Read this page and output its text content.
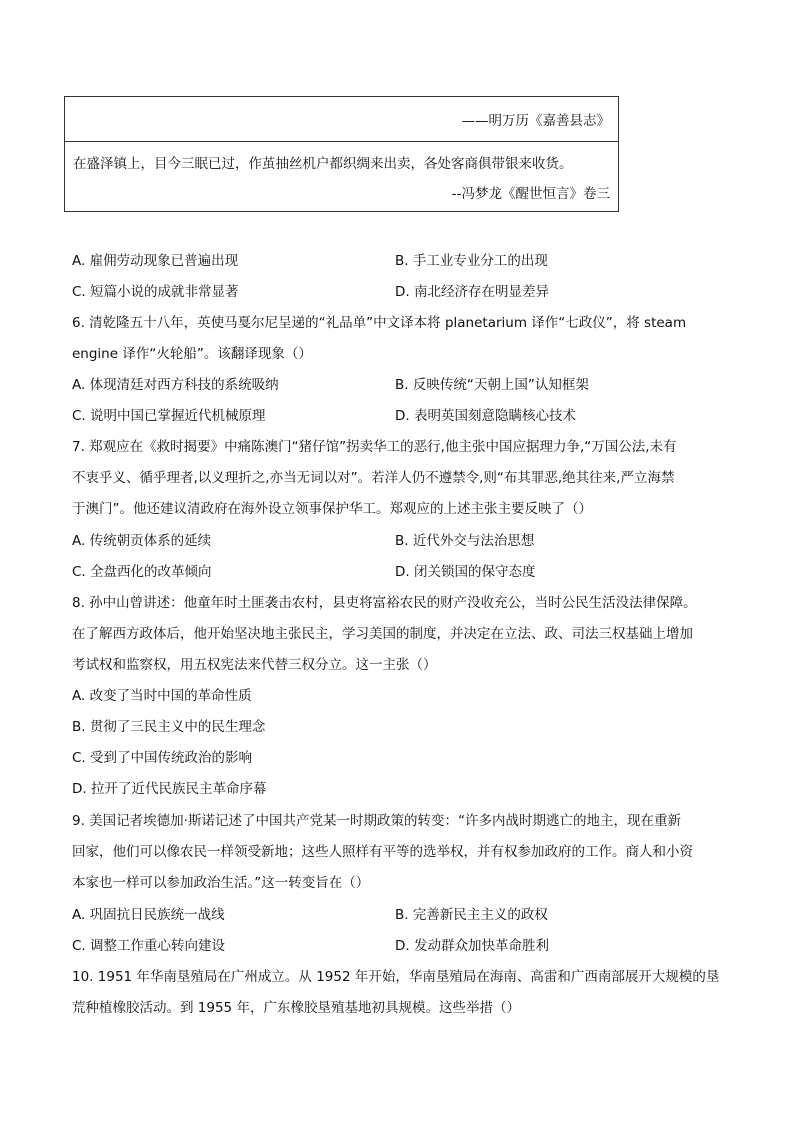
——明万历《嘉善县志》
在盛泽镇上，目今三眠已过，作茧抽丝机户都织绸来出卖，各处客商俱带银来收货。
--冯梦龙《醒世恒言》卷三
A. 雇佣劳动现象已普遍出现	B. 手工业专业分工的出现
C. 短篇小说的成就非常显著	D. 南北经济存在明显差异
6. 清乾隆五十八年，英使马戛尔尼呈递的“礼品单”中文译本将 planetarium 译作“七政仪”，将 steam
engine 译作“火轮船”。该翻译现象（）
A. 体现清廷对西方科技的系统吸纳	B. 反映传统“天朝上国”认知框架
C. 说明中国已掌握近代机械原理	D. 表明英国刻意隐瞒核心技术
7. 郑观应在《救时揭要》中痛陈澳门“猪仔馆”拐卖华工的恶行,他主张中国应据理力争,“万国公法,未有
不衷乎义、循乎理者,以义理折之,亦当无词以对”。若洋人仍不遵禁令,则“布其罪恶,绝其往来,严立海禁
于澳门”。他还建议清政府在海外设立领事保护华工。郑观应的上述主张主要反映了（）
A. 传统朝贡体系的延续	B. 近代外交与法治思想
C. 全盘西化的改革倾向	D. 闭关锁国的保守态度
8. 孙中山曾讲述：他童年时土匪袭击农村，县吏将富裕农民的财产没收充公，当时公民生活没法律保障。
在了解西方政体后，他开始坚决地主张民主，学习美国的制度，并决定在立法、政、司法三权基础上增加
考试权和监察权，用五权宪法来代替三权分立。这一主张（）
A. 改变了当时中国的革命性质
B. 贯彻了三民主义中的民生理念
C. 受到了中国传统政治的影响
D. 拉开了近代民族民主革命序幕
9. 美国记者埃德加·斯诺记述了中国共产党某一时期政策的转变：“许多内战时期逃亡的地主，现在重新
回家，他们可以像农民一样领受新地；这些人照样有平等的选举权，并有权参加政府的工作。商人和小资
本家也一样可以参加政治生活。”这一转变旨在（）
A. 巩固抗日民族统一战线	B. 完善新民主主义的政权
C. 调整工作重心转向建设	D. 发动群众加快革命胜利
10. 1951 年华南垦殖局在广州成立。从 1952 年开始，华南垦殖局在海南、高雷和广西南部展开大规模的垦
荒种植橡胶活动。到 1955 年，广东橡胶垦殖基地初具规模。这些举措（）
